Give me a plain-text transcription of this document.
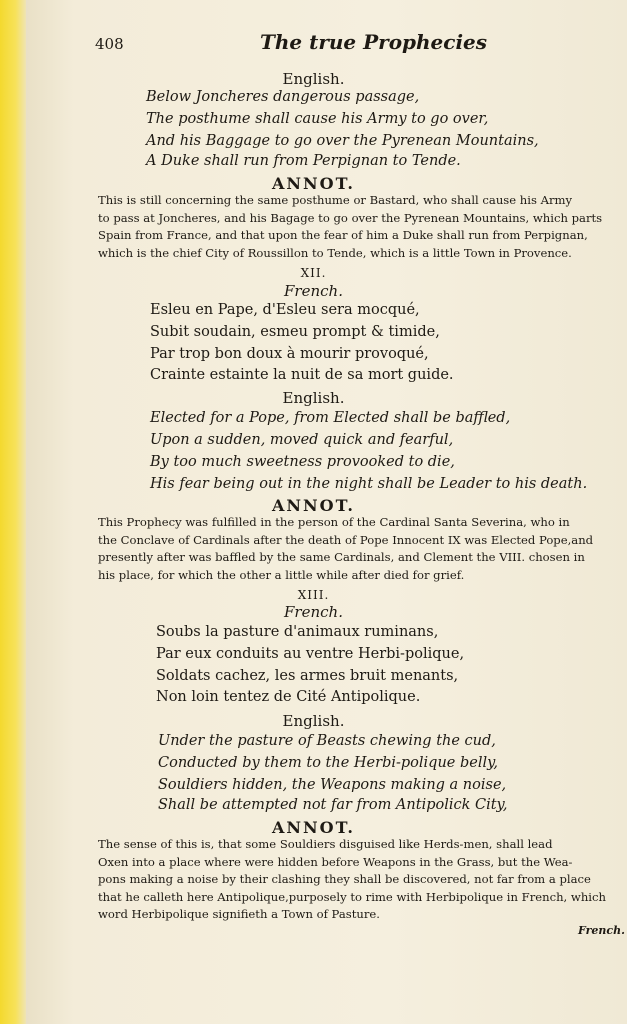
408	The true Prophecies
English.
Below Joncheres dangerous passage,
The posthume shall cause his Army to go over,
And his Baggage to go over the Pyrenean Mountains,
A Duke shall run from Perpignan to Tende.
ANNOT.
This is still concerning the same posthume or Bastard, who shall cause his Army
to pass at Joncheres, and his Bagage to go over the Pyrenean Mountains, which parts
Spain from France, and that upon the fear of him a Duke shall run from Perpignan,
which is the chief City of Roussillon to Tende, which is a little Town in Provence.
XII.
French.
Esleu en Pape, d'Esleu sera mocqué,
Subit soudain, esmeu prompt & timide,
Par trop bon doux à mourir provoqué,
Crainte estainte la nuit de sa mort guide.
English.
Elected for a Pope, from Elected shall be baffled,
Upon a sudden, moved quick and fearful,
By too much sweetness provooked to die,
His fear being out in the night shall be Leader to his death.
ANNOT.
This Prophecy was fulfilled in the person of the Cardinal Santa Severina, who in
the Conclave of Cardinals after the death of Pope Innocent IX was Elected Pope,and
presently after was baffled by the same Cardinals, and Clement the VIII. chosen in
his place, for which the other a little while after died for grief.
XIII.
French.
Soubs la pasture d'animaux ruminans,
Par eux conduits au ventre Herbi-polique,
Soldats cachez, les armes bruit menants,
Non loin tentez de Cité Antipolique.
English.
Under the pasture of Beasts chewing the cud,
Conducted by them to the Herbi-polique belly,
Souldiers hidden, the Weapons making a noise,
Shall be attempted not far from Antipolick City,
ANNOT.
The sense of this is, that some Souldiers disguised like Herds-men, shall lead
Oxen into a place where were hidden before Weapons in the Grass, but the Wea-
pons making a noise by their clashing they shall be discovered, not far from a place
that he calleth here Antipolique,purposely to rime with Herbipolique in French, which
word Herbipolique signifieth a Town of Pasture.
French.
